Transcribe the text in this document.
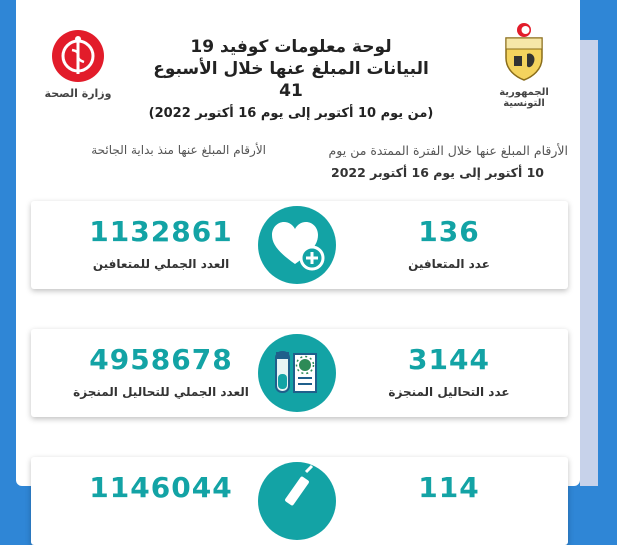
وزارة الصحة	الجمهورية التونسية
لوحة معلومات كوفيد 19
البيانات المبلغ عنها خلال الأسبوع 41
(من يوم 10 أكتوبر إلى يوم 16 أكتوبر 2022)
الأرقام المبلغ عنها منذ بداية الجائحة	الأرقام المبلغ عنها خلال الفترة الممتدة من يوم
10 أكتوبر إلى يوم 16 أكتوبر 2022
1132861
العدد الجملي للمتعافين
136
عدد المتعافين
4958678
العدد الجملي للتحاليل المنجزة
3144
عدد التحاليل المنجزة
1146044	114
